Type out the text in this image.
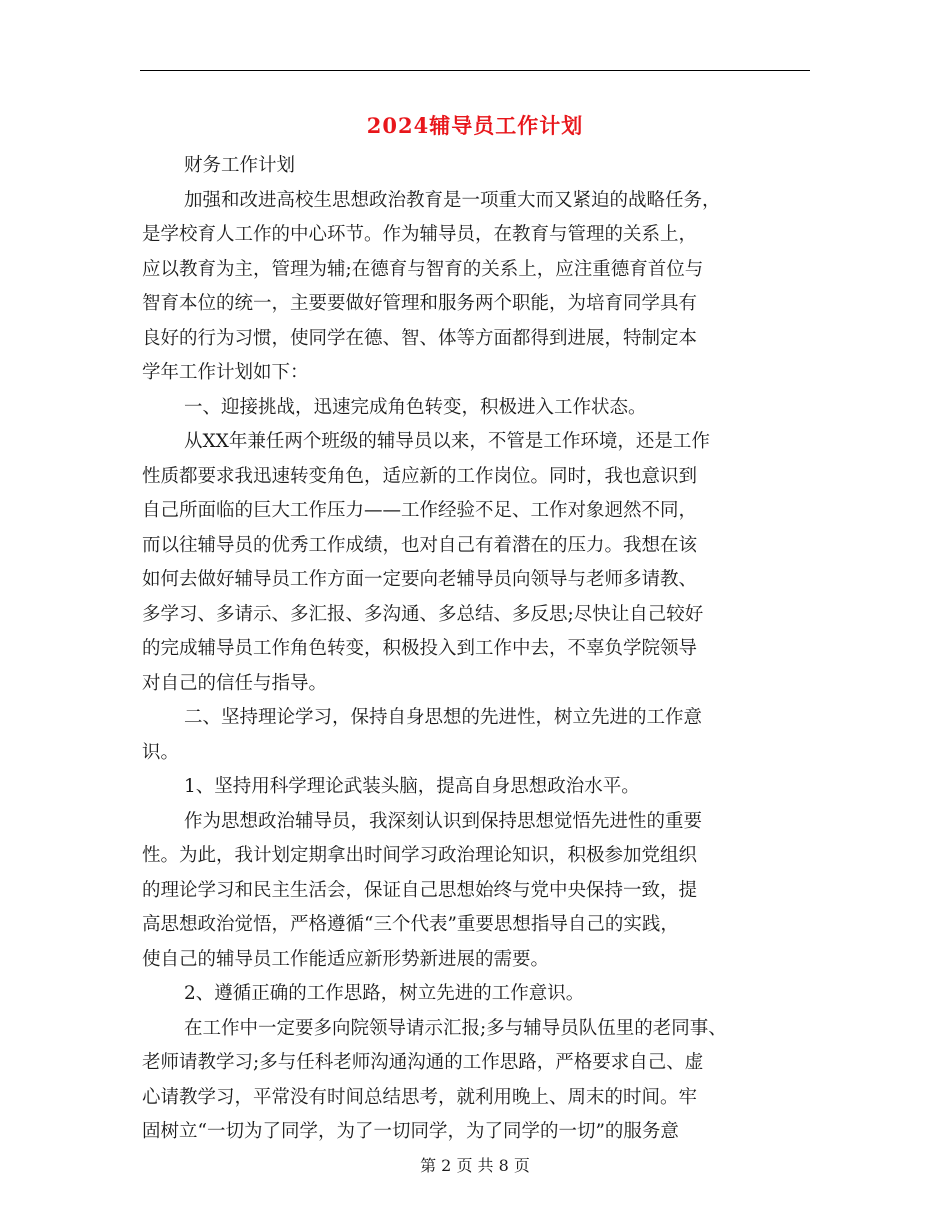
2024辅导员工作计划
财务工作计划
加强和改进高校生思想政治教育是一项重大而又紧迫的战略任务，
是学校育人工作的中心环节。作为辅导员，在教育与管理的关系上，
应以教育为主，管理为辅;在德育与智育的关系上，应注重德育首位与
智育本位的统一，主要要做好管理和服务两个职能，为培育同学具有
良好的行为习惯，使同学在德、智、体等方面都得到进展，特制定本
学年工作计划如下：
一、迎接挑战，迅速完成角色转变，积极进入工作状态。
从XX年兼任两个班级的辅导员以来，不管是工作环境，还是工作
性质都要求我迅速转变角色，适应新的工作岗位。同时，我也意识到
自己所面临的巨大工作压力——工作经验不足、工作对象迥然不同，
而以往辅导员的优秀工作成绩，也对自己有着潜在的压力。我想在该
如何去做好辅导员工作方面一定要向老辅导员向领导与老师多请教、
多学习、多请示、多汇报、多沟通、多总结、多反思;尽快让自己较好
的完成辅导员工作角色转变，积极投入到工作中去，不辜负学院领导
对自己的信任与指导。
二、坚持理论学习，保持自身思想的先进性，树立先进的工作意
识。
1、坚持用科学理论武装头脑，提高自身思想政治水平。
作为思想政治辅导员，我深刻认识到保持思想觉悟先进性的重要
性。为此，我计划定期拿出时间学习政治理论知识，积极参加党组织
的理论学习和民主生活会，保证自己思想始终与党中央保持一致，提
高思想政治觉悟，严格遵循“三个代表”重要思想指导自己的实践，
使自己的辅导员工作能适应新形势新进展的需要。
2、遵循正确的工作思路，树立先进的工作意识。
在工作中一定要多向院领导请示汇报;多与辅导员队伍里的老同事、
老师请教学习;多与任科老师沟通沟通的工作思路，严格要求自己、虚
心请教学习，平常没有时间总结思考，就利用晚上、周末的时间。牢
固树立“一切为了同学，为了一切同学，为了同学的一切”的服务意
第 2 页 共 8 页
